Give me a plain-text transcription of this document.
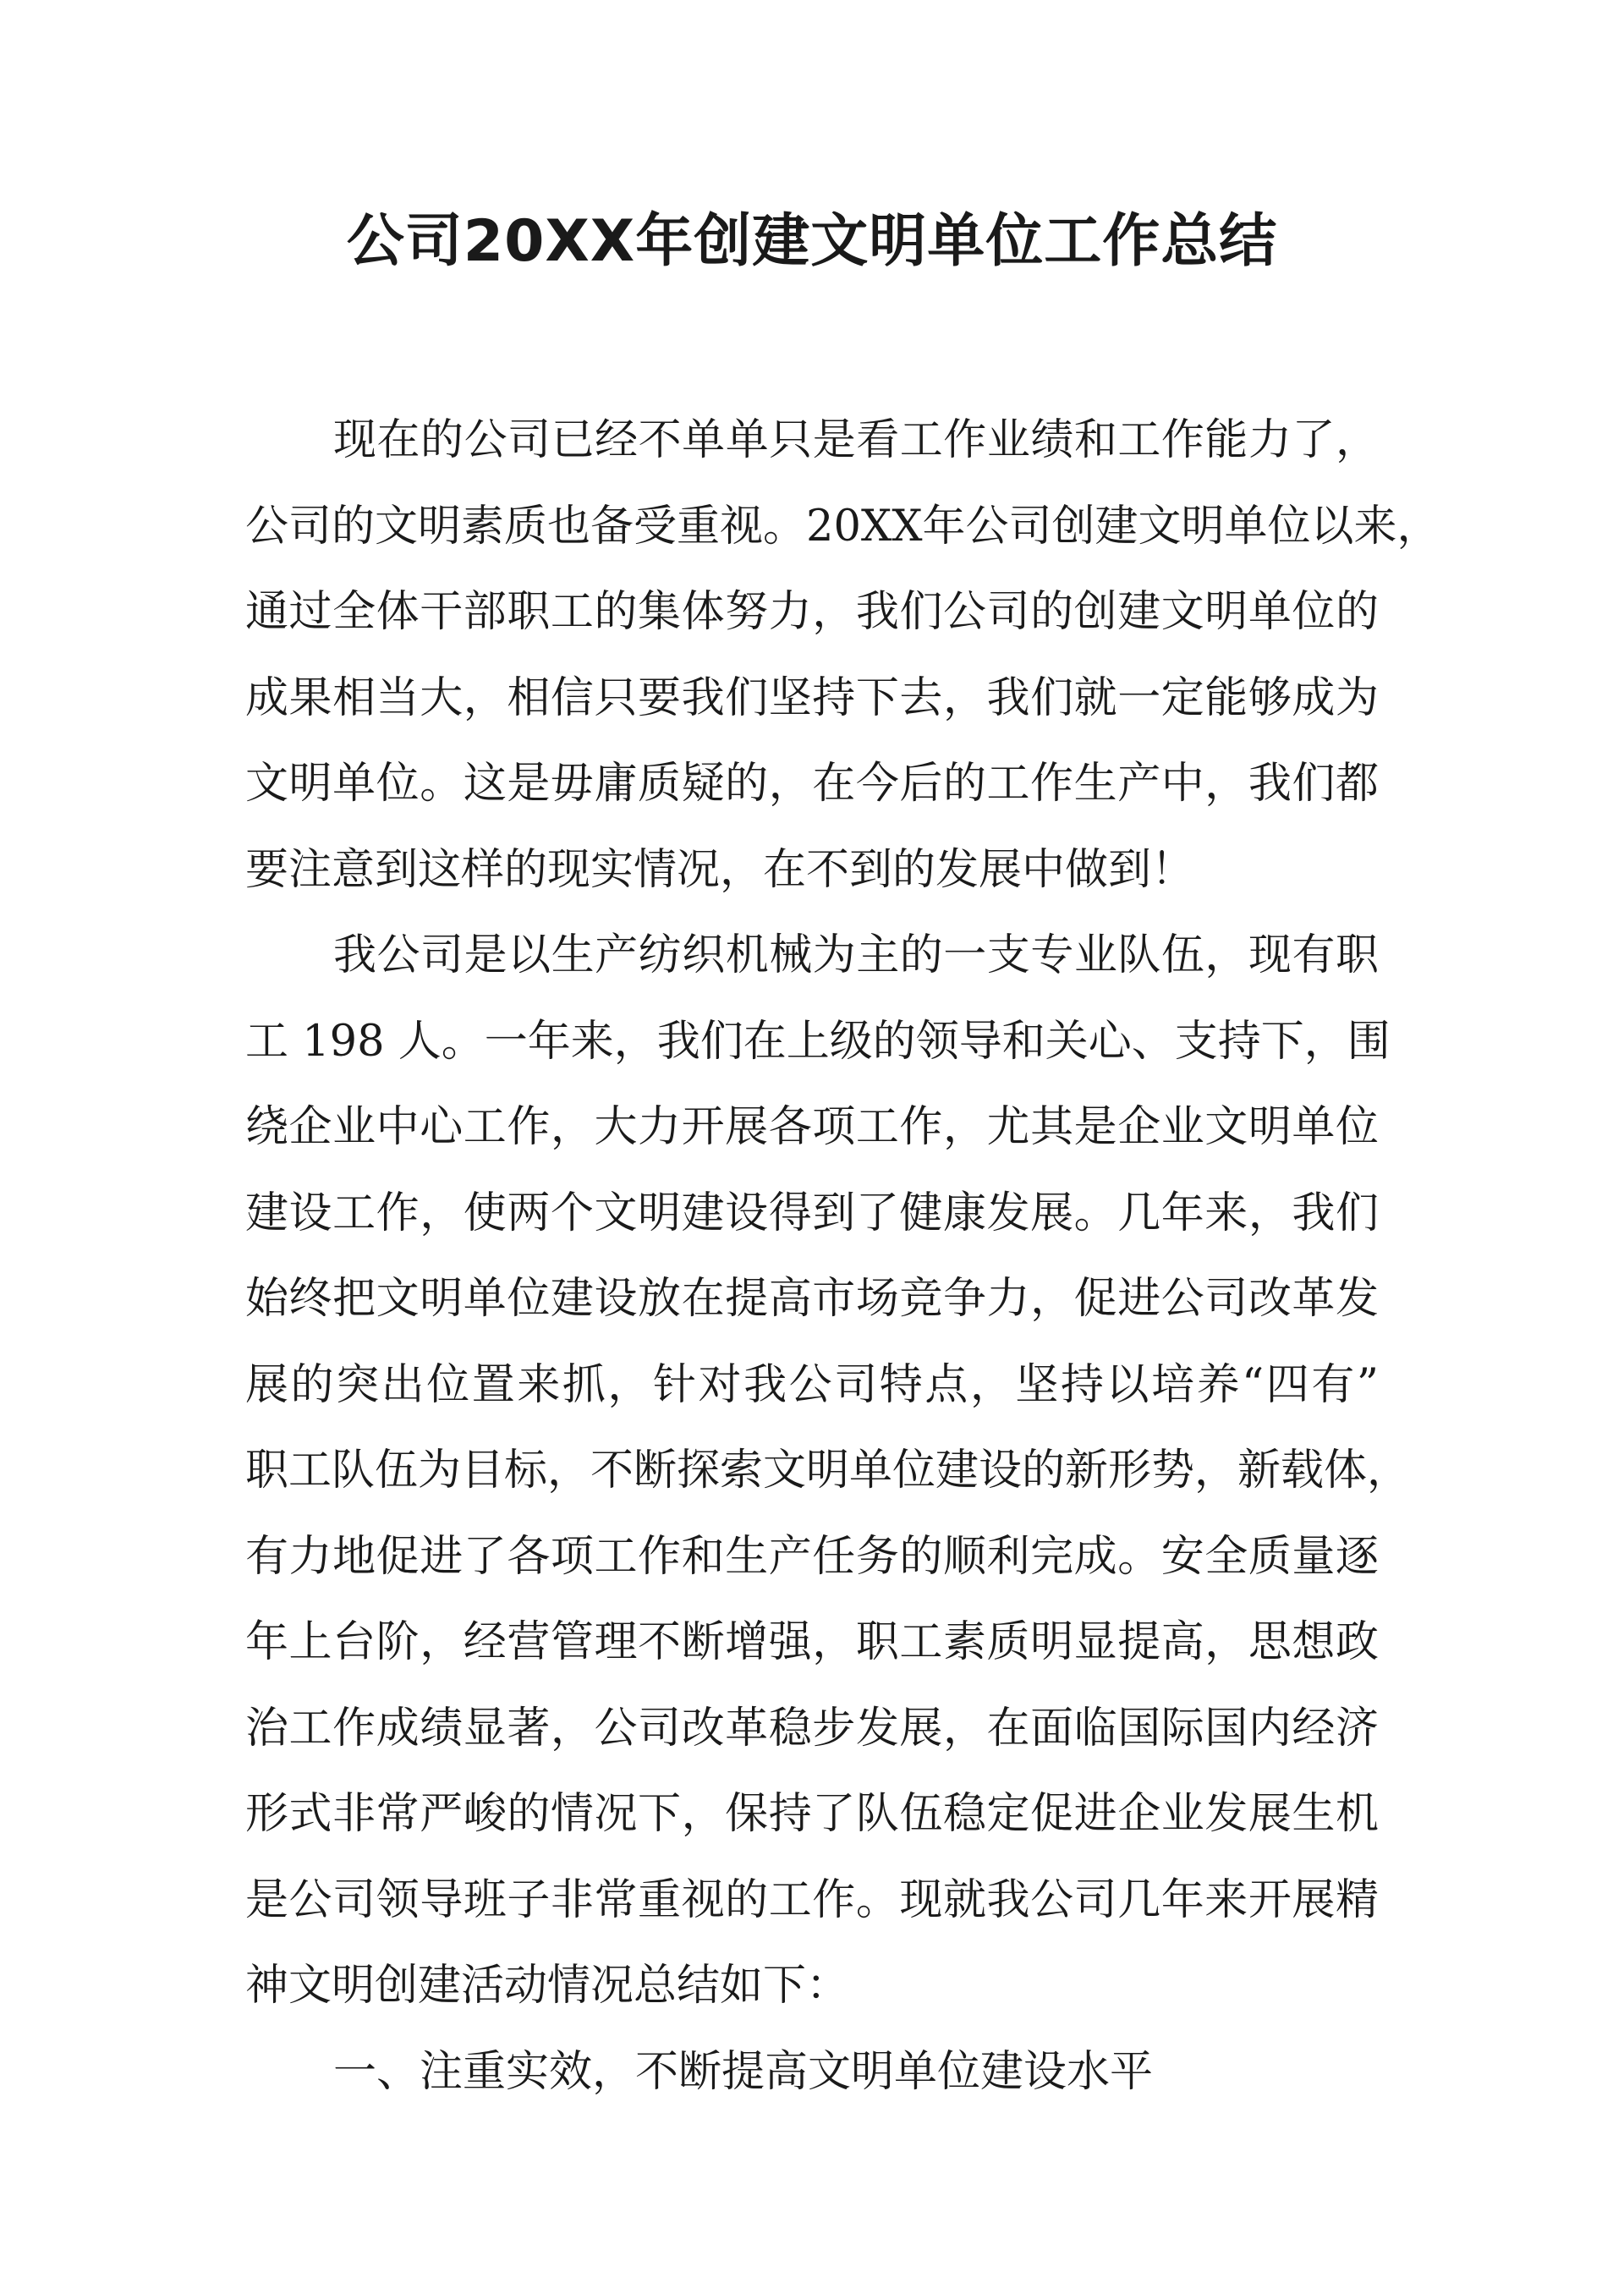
公司20XX年创建文明单位工作总结
现在的公司已经不单单只是看工作业绩和工作能力了，
公司的文明素质也备受重视。20XX年公司创建文明单位以来，
通过全体干部职工的集体努力，我们公司的创建文明单位的
成果相当大，相信只要我们坚持下去，我们就一定能够成为
文明单位。这是毋庸质疑的，在今后的工作生产中，我们都
要注意到这样的现实情况，在不到的发展中做到！
我公司是以生产纺织机械为主的一支专业队伍，现有职
工 198 人。一年来，我们在上级的领导和关心、支持下，围
绕企业中心工作，大力开展各项工作，尤其是企业文明单位
建设工作，使两个文明建设得到了健康发展。几年来，我们
始终把文明单位建设放在提高市场竞争力，促进公司改革发
展的突出位置来抓，针对我公司特点，坚持以培养“四有”
职工队伍为目标，不断探索文明单位建设的新形势，新载体，
有力地促进了各项工作和生产任务的顺利完成。安全质量逐
年上台阶，经营管理不断增强，职工素质明显提高，思想政
治工作成绩显著，公司改革稳步发展，在面临国际国内经济
形式非常严峻的情况下，保持了队伍稳定促进企业发展生机
是公司领导班子非常重视的工作。现就我公司几年来开展精
神文明创建活动情况总结如下：
一、注重实效，不断提高文明单位建设水平
